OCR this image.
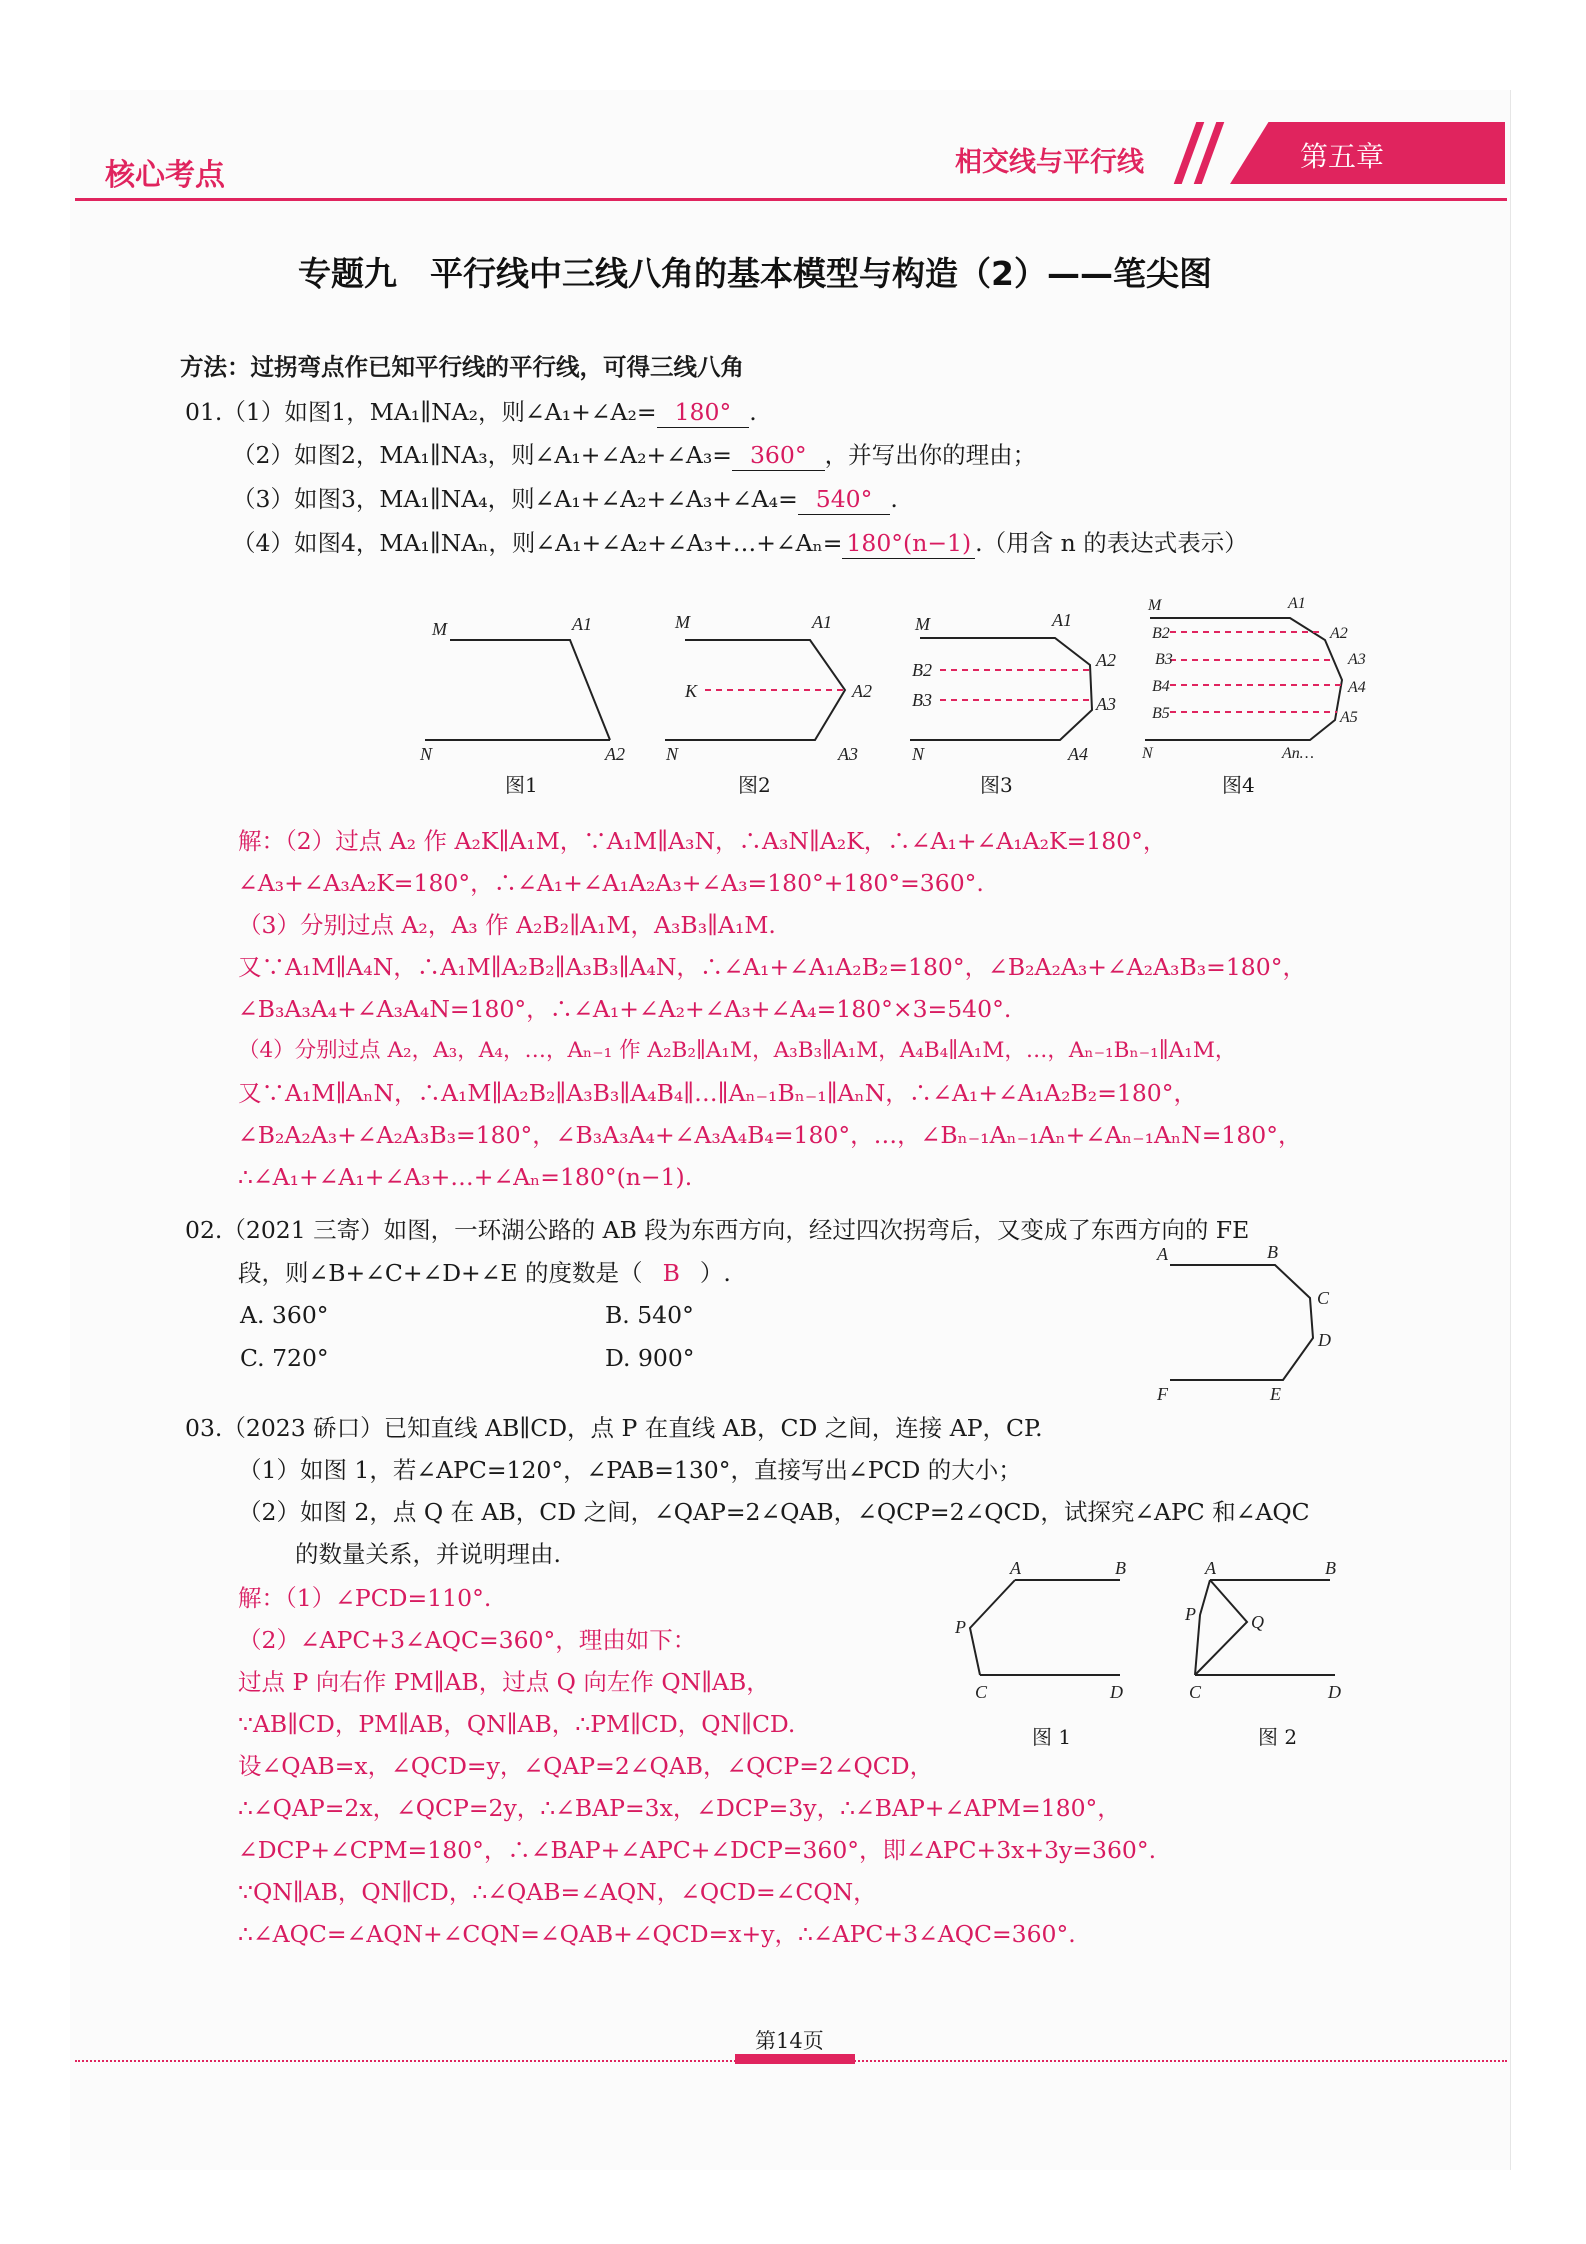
核心考点	相交线与平行线	第五章
专题九　平行线中三线八角的基本模型与构造（2）——笔尖图
方法：过拐弯点作已知平行线的平行线，可得三线八角
01.（1）如图1，MA₁∥NA₂，则∠A₁+∠A₂= 180° .
（2）如图2，MA₁∥NA₃，则∠A₁+∠A₂+∠A₃= 360° ，并写出你的理由；
（3）如图3，MA₁∥NA₄，则∠A₁+∠A₂+∠A₃+∠A₄= 540° .
（4）如图4，MA₁∥NAₙ，则∠A₁+∠A₂+∠A₃+…+∠Aₙ= 180°(n−1) .（用含 n 的表达式表示）
M	A1
N	A2
M	A1
K	A2
N	A3
M	A1
B2	A2
B3	A3
N	A4
M	A1
B2	A2
B3	A3
B4	A4
B5	A5
N	An…
图1	图2	图3	图4
解：（2）过点 A₂ 作 A₂K∥A₁M，∵A₁M∥A₃N，∴A₃N∥A₂K，∴∠A₁+∠A₁A₂K=180°，
∠A₃+∠A₃A₂K=180°，∴∠A₁+∠A₁A₂A₃+∠A₃=180°+180°=360°.
（3）分别过点 A₂，A₃ 作 A₂B₂∥A₁M，A₃B₃∥A₁M.
又∵A₁M∥A₄N，∴A₁M∥A₂B₂∥A₃B₃∥A₄N，∴∠A₁+∠A₁A₂B₂=180°，∠B₂A₂A₃+∠A₂A₃B₃=180°，
∠B₃A₃A₄+∠A₃A₄N=180°，∴∠A₁+∠A₂+∠A₃+∠A₄=180°×3=540°.
（4）分别过点 A₂，A₃，A₄，…，Aₙ₋₁ 作 A₂B₂∥A₁M，A₃B₃∥A₁M，A₄B₄∥A₁M，…，Aₙ₋₁Bₙ₋₁∥A₁M，
又∵A₁M∥AₙN，∴A₁M∥A₂B₂∥A₃B₃∥A₄B₄∥…∥Aₙ₋₁Bₙ₋₁∥AₙN，∴∠A₁+∠A₁A₂B₂=180°，
∠B₂A₂A₃+∠A₂A₃B₃=180°，∠B₃A₃A₄+∠A₃A₄B₄=180°，…，∠Bₙ₋₁Aₙ₋₁Aₙ+∠Aₙ₋₁AₙN=180°，
∴∠A₁+∠A₁+∠A₃+…+∠Aₙ=180°(n−1).
02.（2021 三寄）如图，一环湖公路的 AB 段为东西方向，经过四次拐弯后，又变成了东西方向的 FE
段，则∠B+∠C+∠D+∠E 的度数是（ B ）.
A. 360°	B. 540°
C. 720°	D. 900°
A	B
C
D
F	E
03.（2023 硚口）已知直线 AB∥CD，点 P 在直线 AB，CD 之间，连接 AP，CP.
（1）如图 1，若∠APC=120°，∠PAB=130°，直接写出∠PCD 的大小；
（2）如图 2，点 Q 在 AB，CD 之间，∠QAP=2∠QAB，∠QCP=2∠QCD，试探究∠APC 和∠AQC
的数量关系，并说明理由.	A	B
P
C	D
A	B
P	Q
C	D
图 1	图 2
解：（1）∠PCD=110°.
（2）∠APC+3∠AQC=360°，理由如下：
过点 P 向右作 PM∥AB，过点 Q 向左作 QN∥AB，
∵AB∥CD，PM∥AB，QN∥AB，∴PM∥CD，QN∥CD.
设∠QAB=x，∠QCD=y，∠QAP=2∠QAB，∠QCP=2∠QCD，
∴∠QAP=2x，∠QCP=2y，∴∠BAP=3x，∠DCP=3y，∴∠BAP+∠APM=180°，
∠DCP+∠CPM=180°，∴∠BAP+∠APC+∠DCP=360°，即∠APC+3x+3y=360°.
∵QN∥AB，QN∥CD，∴∠QAB=∠AQN，∠QCD=∠CQN，
∴∠AQC=∠AQN+∠CQN=∠QAB+∠QCD=x+y，∴∠APC+3∠AQC=360°.
第14页
